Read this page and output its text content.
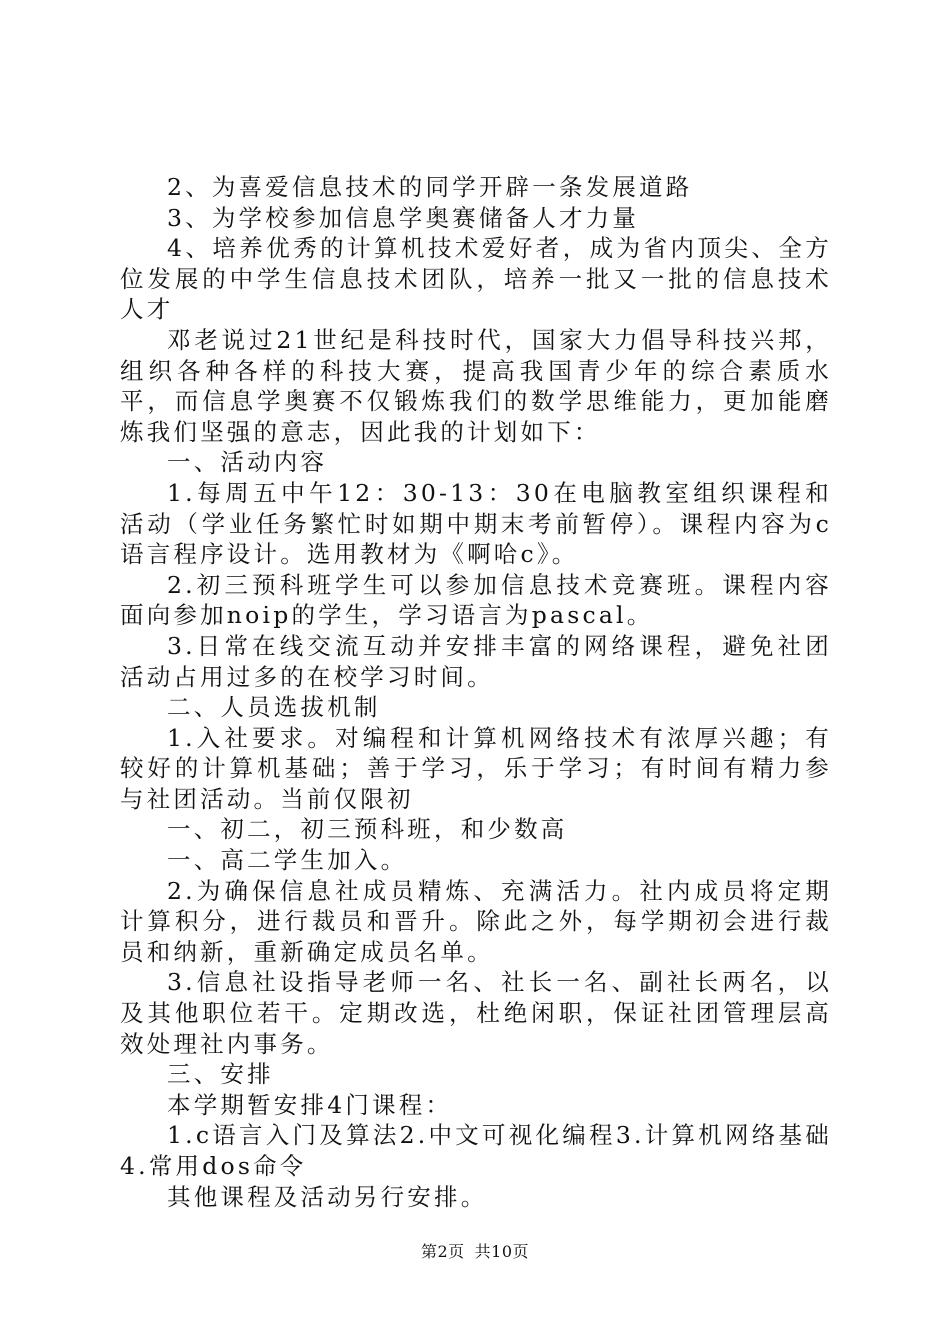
2、为喜爱信息技术的同学开辟一条发展道路

3、为学校参加信息学奥赛储备人才力量

4、培养优秀的计算机技术爱好者，成为省内顶尖、全方位发展的中学生信息技术团队，培养一批又一批的信息技术人才

邓老说过21世纪是科技时代，国家大力倡导科技兴邦，组织各种各样的科技大赛，提高我国青少年的综合素质水平，而信息学奥赛不仅锻炼我们的数学思维能力，更加能磨炼我们坚强的意志，因此我的计划如下：

一、活动内容

1.每周五中午12：30-13：30在电脑教室组织课程和活动（学业任务繁忙时如期中期末考前暂停）。课程内容为c语言程序设计。选用教材为《啊哈c》。

2.初三预科班学生可以参加信息技术竞赛班。课程内容面向参加noip的学生，学习语言为pascal。

3.日常在线交流互动并安排丰富的网络课程，避免社团活动占用过多的在校学习时间。

二、人员选拔机制

1.入社要求。对编程和计算机网络技术有浓厚兴趣；有较好的计算机基础；善于学习，乐于学习；有时间有精力参与社团活动。当前仅限初

一、初二，初三预科班，和少数高

一、高二学生加入。

2.为确保信息社成员精炼、充满活力。社内成员将定期计算积分，进行裁员和晋升。除此之外，每学期初会进行裁员和纳新，重新确定成员名单。

3.信息社设指导老师一名、社长一名、副社长两名，以及其他职位若干。定期改选，杜绝闲职，保证社团管理层高效处理社内事务。

三、安排

本学期暂安排4门课程：

1.c语言入门及算法2.中文可视化编程3.计算机网络基础4.常用dos命令

其他课程及活动另行安排。

第2页 共10页
